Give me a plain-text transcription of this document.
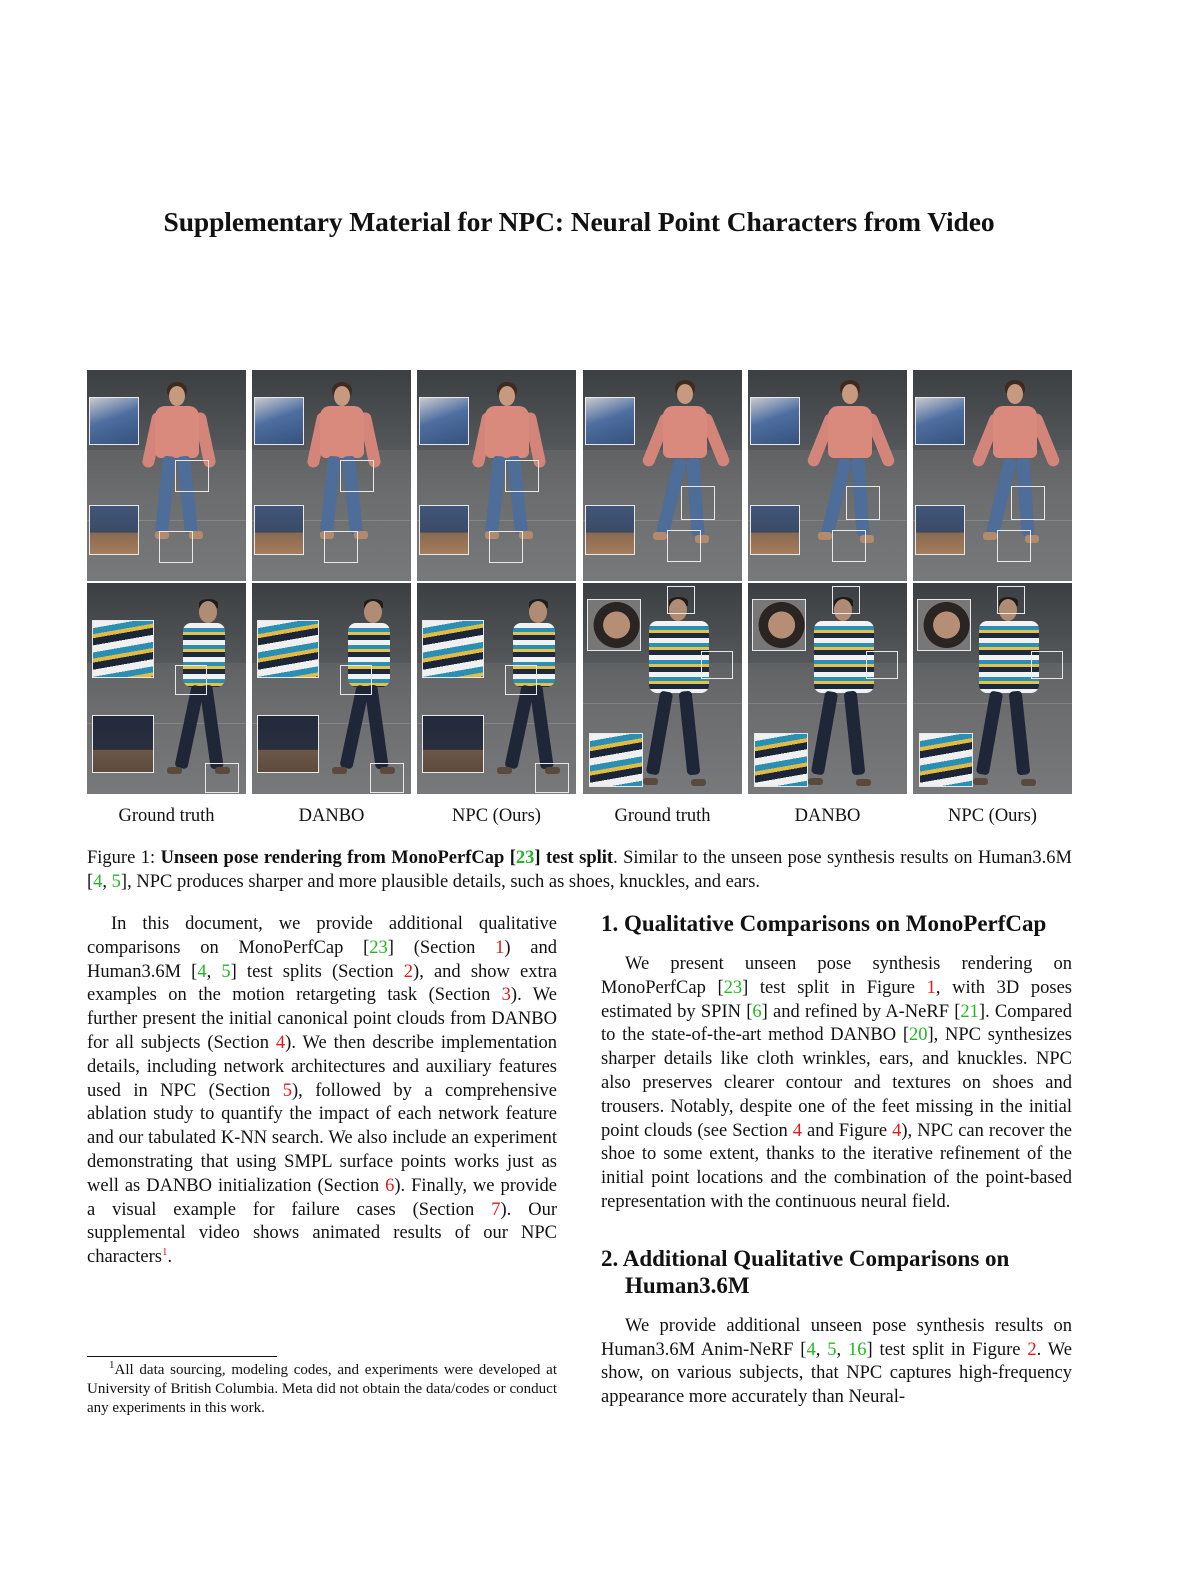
Supplementary Material for NPC: Neural Point Characters from Video
Ground truth	DANBO	NPC (Ours)	Ground truth	DANBO	NPC (Ours)
Figure 1: Unseen pose rendering from MonoPerfCap [23] test split. Similar to the unseen pose synthesis results on Human3.6M [4, 5], NPC produces sharper and more plausible details, such as shoes, knuckles, and ears.
In this document, we provide additional qualitative comparisons on MonoPerfCap [23] (Section 1) and Human3.6M [4, 5] test splits (Section 2), and show extra examples on the motion retargeting task (Section 3). We further present the initial canonical point clouds from DANBO for all subjects (Section 4). We then describe implementation details, including network architectures and auxiliary features used in NPC (Section 5), followed by a comprehensive ablation study to quantify the impact of each network feature and our tabulated K-NN search. We also include an experiment demonstrating that using SMPL surface points works just as well as DANBO initialization (Section 6). Finally, we provide a visual example for failure cases (Section 7). Our supplemental video shows animated results of our NPC characters$^1$.
$^1$All data sourcing, modeling codes, and experiments were developed at University of British Columbia. Meta did not obtain the data/codes or conduct any experiments in this work.
1. Qualitative Comparisons on MonoPerfCap
We present unseen pose synthesis rendering on MonoPerfCap [23] test split in Figure 1, with 3D poses estimated by SPIN [6] and refined by A-NeRF [21]. Compared to the state-of-the-art method DANBO [20], NPC synthesizes sharper details like cloth wrinkles, ears, and knuckles. NPC also preserves clearer contour and textures on shoes and trousers. Notably, despite one of the feet missing in the initial point clouds (see Section 4 and Figure 4), NPC can recover the shoe to some extent, thanks to the iterative refinement of the initial point locations and the combination of the point-based representation with the continuous neural field.
2. Additional Qualitative Comparisons on Human3.6M
We provide additional unseen pose synthesis results on Human3.6M Anim-NeRF [4, 5, 16] test split in Figure 2. We show, on various subjects, that NPC captures high-frequency appearance more accurately than Neural-
